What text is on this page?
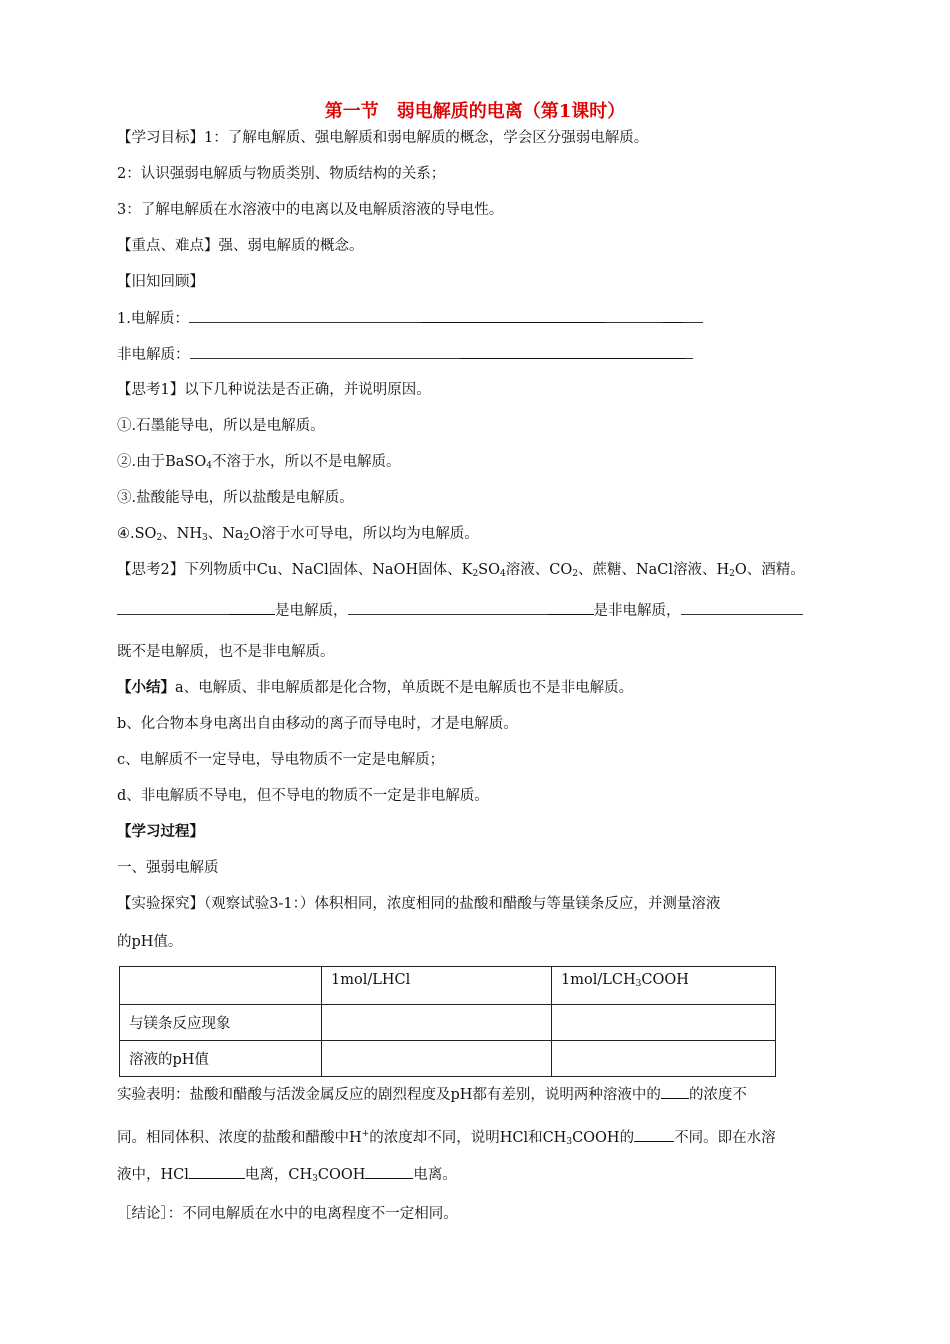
第一节　弱电解质的电离（第1课时）
【学习目标】1：了解电解质、强电解质和弱电解质的概念，学会区分强弱电解质。
2：认识强弱电解质与物质类别、物质结构的关系；
3：了解电解质在水溶液中的电离以及电解质溶液的导电性。
【重点、难点】强、弱电解质的概念。
【旧知回顾】
1.电解质：
非电解质：
【思考1】以下几种说法是否正确，并说明原因。
①.石墨能导电，所以是电解质。
②.由于BaSO$_4$不溶于水，所以不是电解质。
③.盐酸能导电，所以盐酸是电解质。
$④.SO_2$、$NH_3$、$Na_2O$溶于水可导电，所以均为电解质。
【思考2】下列物质中Cu、NaCl固体、NaOH固体、$K_2SO_4$溶液、$CO_2$、蔗糖、NaCl溶液、$H_2O$、酒精。
是电解质，	是非电解质，
既不是电解质，也不是非电解质。
【小结】a、电解质、非电解质都是化合物，单质既不是电解质也不是非电解质。
b、化合物本身电离出自由移动的离子而导电时，才是电解质。
c、电解质不一定导电，导电物质不一定是电解质；
d、非电解质不导电，但不导电的物质不一定是非电解质。
【学习过程】
一、强弱电解质
【实验探究】（观察试验3-1：）体积相同，浓度相同的盐酸和醋酸与等量镁条反应，并测量溶液
的pH值。
	1mol/LHCl	$1mol/LCH_3COOH$
与镁条反应现象		
溶液的pH值		
实验表明：盐酸和醋酸与活泼金属反应的剧烈程度及pH都有差别，说明两种溶液中的 的浓度不
同。相同体积、浓度的盐酸和醋酸中H+的浓度却不同，说明HCl和$CH_3COOH$的	不同。即在水溶
液中，HCl	电离，$CH_3COOH$	电离。
［结论］：不同电解质在水中的电离程度不一定相同。
